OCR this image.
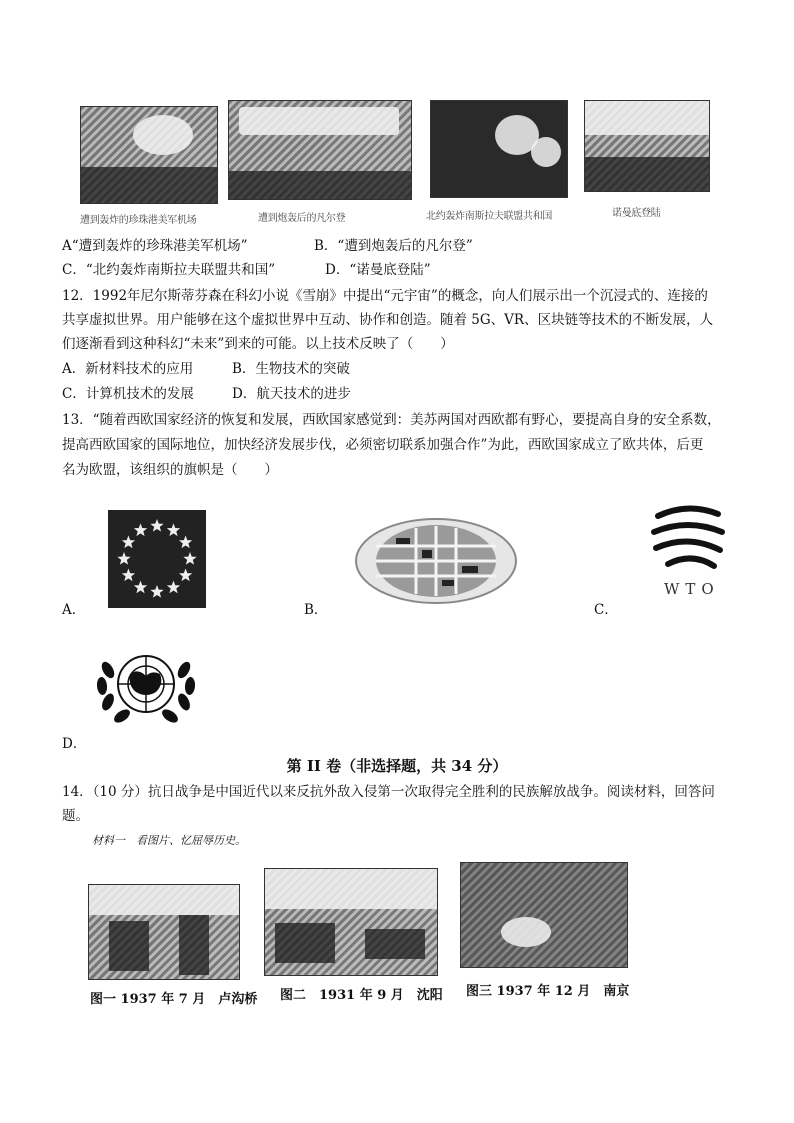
遭到轰炸的珍珠港美军机场	遭到炮轰后的凡尔登	北约轰炸南斯拉夫联盟共和国	诺曼底登陆
A“遭到轰炸的珍珠港美军机场”	B．“遭到炮轰后的凡尔登”
C．“北约轰炸南斯拉夫联盟共和国”	D．“诺曼底登陆”
12．1992年尼尔斯蒂芬森在科幻小说《雪崩》中提出“元宇宙”的概念，向人们展示出一个沉浸式的、连接的
共享虚拟世界。用户能够在这个虚拟世界中互动、协作和创造。随着 5G、VR、区块链等技术的不断发展，人
们逐渐看到这种科幻“未来”到来的可能。以上技术反映了（　　）
A．新材料技术的应用	B．生物技术的突破
C．计算机技术的发展	D．航天技术的进步
13．“随着西欧国家经济的恢复和发展，西欧国家感觉到：美苏两国对西欧都有野心，要提高自身的安全系数，
提高西欧国家的国际地位，加快经济发展步伐，必须密切联系加强合作”为此，西欧国家成立了欧共体，后更
名为欧盟，该组织的旗帜是（　　）
A．	B．
WTO
C．
D．
第 II 卷（非选择题，共 34 分）
14．（10 分）抗日战争是中国近代以来反抗外敌入侵第一次取得完全胜利的民族解放战争。阅读材料，回答问
题。
材料一　看图片、忆屈辱历史。
图一 1937 年 7 月　卢沟桥 图二　1931 年 9 月　沈阳 图三 1937 年 12 月　南京
